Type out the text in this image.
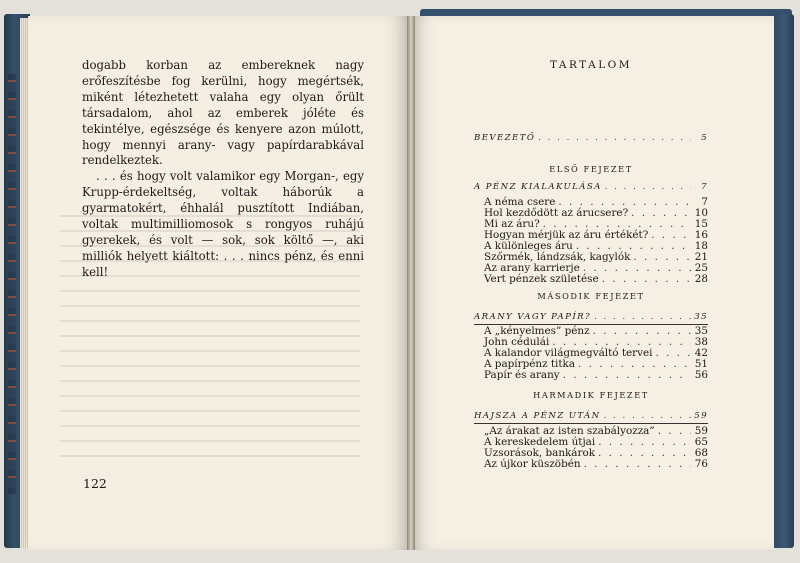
dogabb korban az embereknek nagy erőfeszítésbe fog kerülni, hogy megértsék, miként létezhetett valaha egy olyan őrült társadalom, ahol az emberek jóléte és tekintélye, egészsége és kenyere azon múlott, hogy mennyi arany- vagy papírdarabkával rendelkeztek.

. . . és hogy volt valamikor egy Morgan-, egy Krupp-érdekeltség, voltak háborúk a gyarmatokért, éhhalál pusztított Indiában, voltak multimilliomosok s rongyos ruhájú gyerekek, és volt — sok, sok költő —, aki milliók helyett kiáltott: . . . nincs pénz, és enni kell!

122
TARTALOM
BEVEZETŐ . . .	5
ELSŐ FEJEZET
A PÉNZ KIALAKULÁSA . . .	7
A néma csere . . .	7
Hol kezdődött az árucsere? . . .	10
Mi az áru? . . .	15
Hogyan mérjük az áru értékét? . . .	16
A különleges áru . . .	18
Szőrmék, lándzsák, kagylók . . .	21
Az arany karrierje . . .	25
Vert pénzek születése . . .	28
MÁSODIK FEJEZET
ARANY VAGY PAPÍR? . . .	35
A „kényelmes” pénz . . .	35
John cédulái . . .	38
A kalandor világmegváltó tervei . . .	42
A papírpénz titka . . .	51
Papír és arany . . .	56
HARMADIK FEJEZET
HAJSZA A PÉNZ UTÁN . . .	59
„Az árakat az isten szabályozza” . . .	59
A kereskedelem útjai . . .	65
Uzsorások, bankárok . . .	68
Az újkor küszöbén . . .	76
